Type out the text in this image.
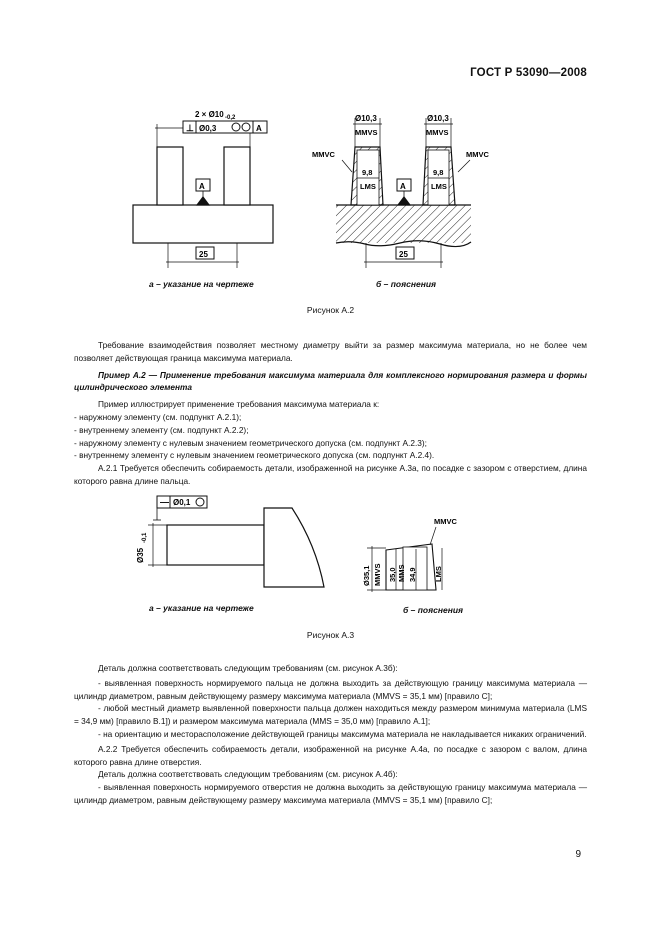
ГОСТ Р 53090—2008
2 × Ø10 -0,2
⊥ Ø0,3	A
A
25
Ø10,3	Ø10,3
MMVS	MMVS
MMVC	MMVC
9,8	9,8
LMS	LMS
A
25
а – указание на чертеже	б – пояснения
Рисунок А.2

Требование взаимодействия позволяет местному диаметру выйти за размер максимума материала, но не более чем позволяет действующая граница максимума материала.

Пример А.2 — Применение требования максимума материала для комплексного нормирования размера и формы цилиндрического элемента

Пример иллюстрирует применение требования максимума материала к:

- наружному элементу (см. подпункт А.2.1);

- внутреннему элементу (см. подпункт А.2.2);

- наружному элементу с нулевым значением геометрического допуска (см. подпункт А.2.3);

- внутреннему элементу с нулевым значением геометрического допуска (см. подпункт А.2.4).

А.2.1 Требуется обеспечить собираемость детали, изображенной на рисунке А.3а, по посадке с зазором с отверстием, длина которого равна длине пальца.

— Ø0,1
Ø35
-0,1
MMVC
Ø35,1 MMVS 35,0 MMS 34,9 LMS
а – указание на чертеже	б – пояснения
Рисунок А.3

Деталь должна соответствовать следующим требованиям (см. рисунок А.3б):

- выявленная поверхность нормируемого пальца не должна выходить за действующую границу максимума материала — цилиндр диаметром, равным действующему размеру максимума материала (MMVS = 35,1 мм) [правило С];

- любой местный диаметр выявленной поверхности пальца должен находиться между размером минимума материала (LMS = 34,9 мм) [правило В.1]) и размером максимума материала (MMS = 35,0 мм) [правило А.1];

- на ориентацию и месторасположение действующей границы максимума материала не накладывается никаких ограничений.

А.2.2 Требуется обеспечить собираемость детали, изображенной на рисунке А.4а, по посадке с зазором с валом, длина которого равна длине отверстия.

Деталь должна соответствовать следующим требованиям (см. рисунок А.4б):

- выявленная поверхность нормируемого отверстия не должна выходить за действующую границу максимума материала — цилиндр диаметром, равным действующему размеру максимума материала (MMVS = 35,1 мм) [правило С];

9
